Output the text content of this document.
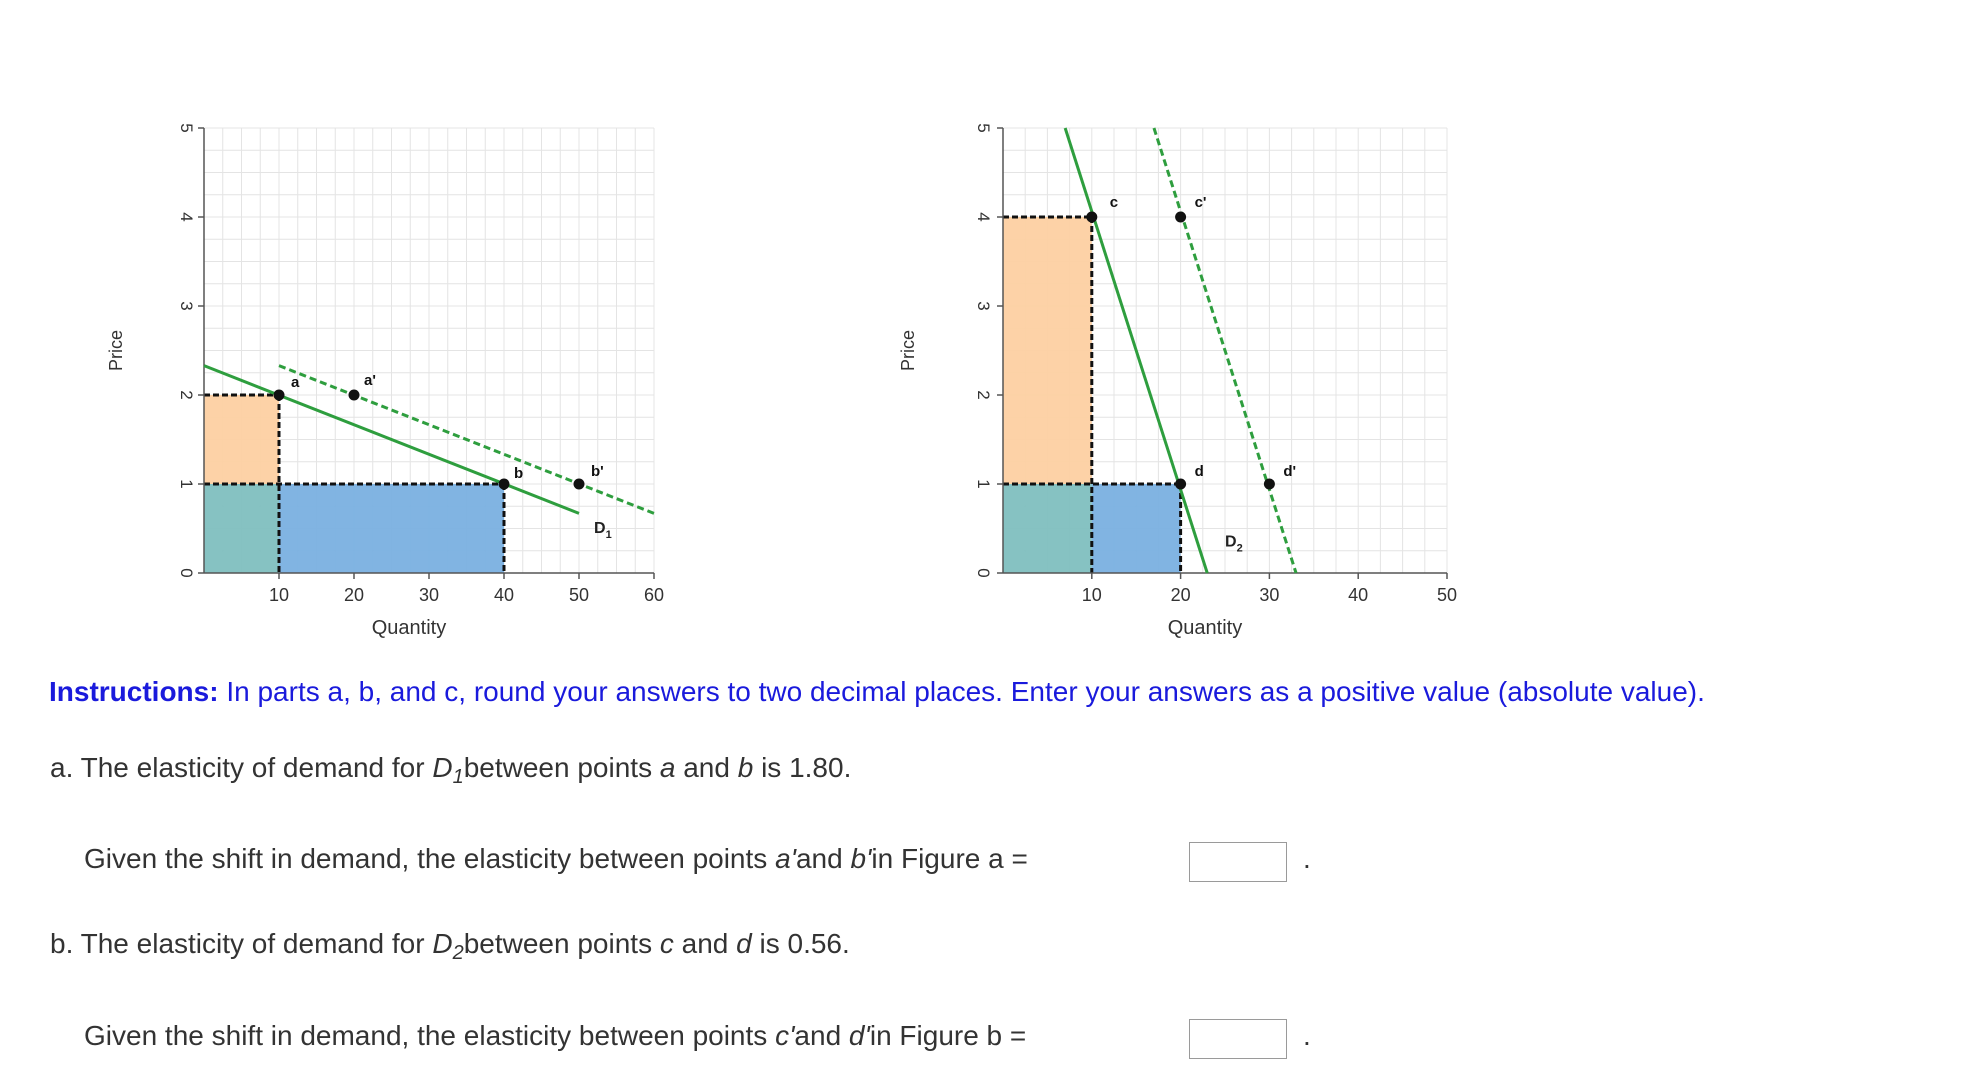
0
1
2
3
4
5
10	20	30	40	50	60
Quantity
Price
a
b
a'
b'
$D_1$
0
1
2
3
4
5
10	20	30	40	50
Quantity
Price
c
d
c'
d'
$D_2$
Instructions: In parts a, b, and c, round your answers to two decimal places. Enter your answers as a positive value (absolute value).
a. The elasticity of demand for $D_1between$ points a and b is 1.80.
Given the shift in demand, the elasticity between points a'and b'in Figure a =	.
b. The elasticity of demand for $D_2between$ points c and d is 0.56.
Given the shift in demand, the elasticity between points c'and d'in Figure b =	.
